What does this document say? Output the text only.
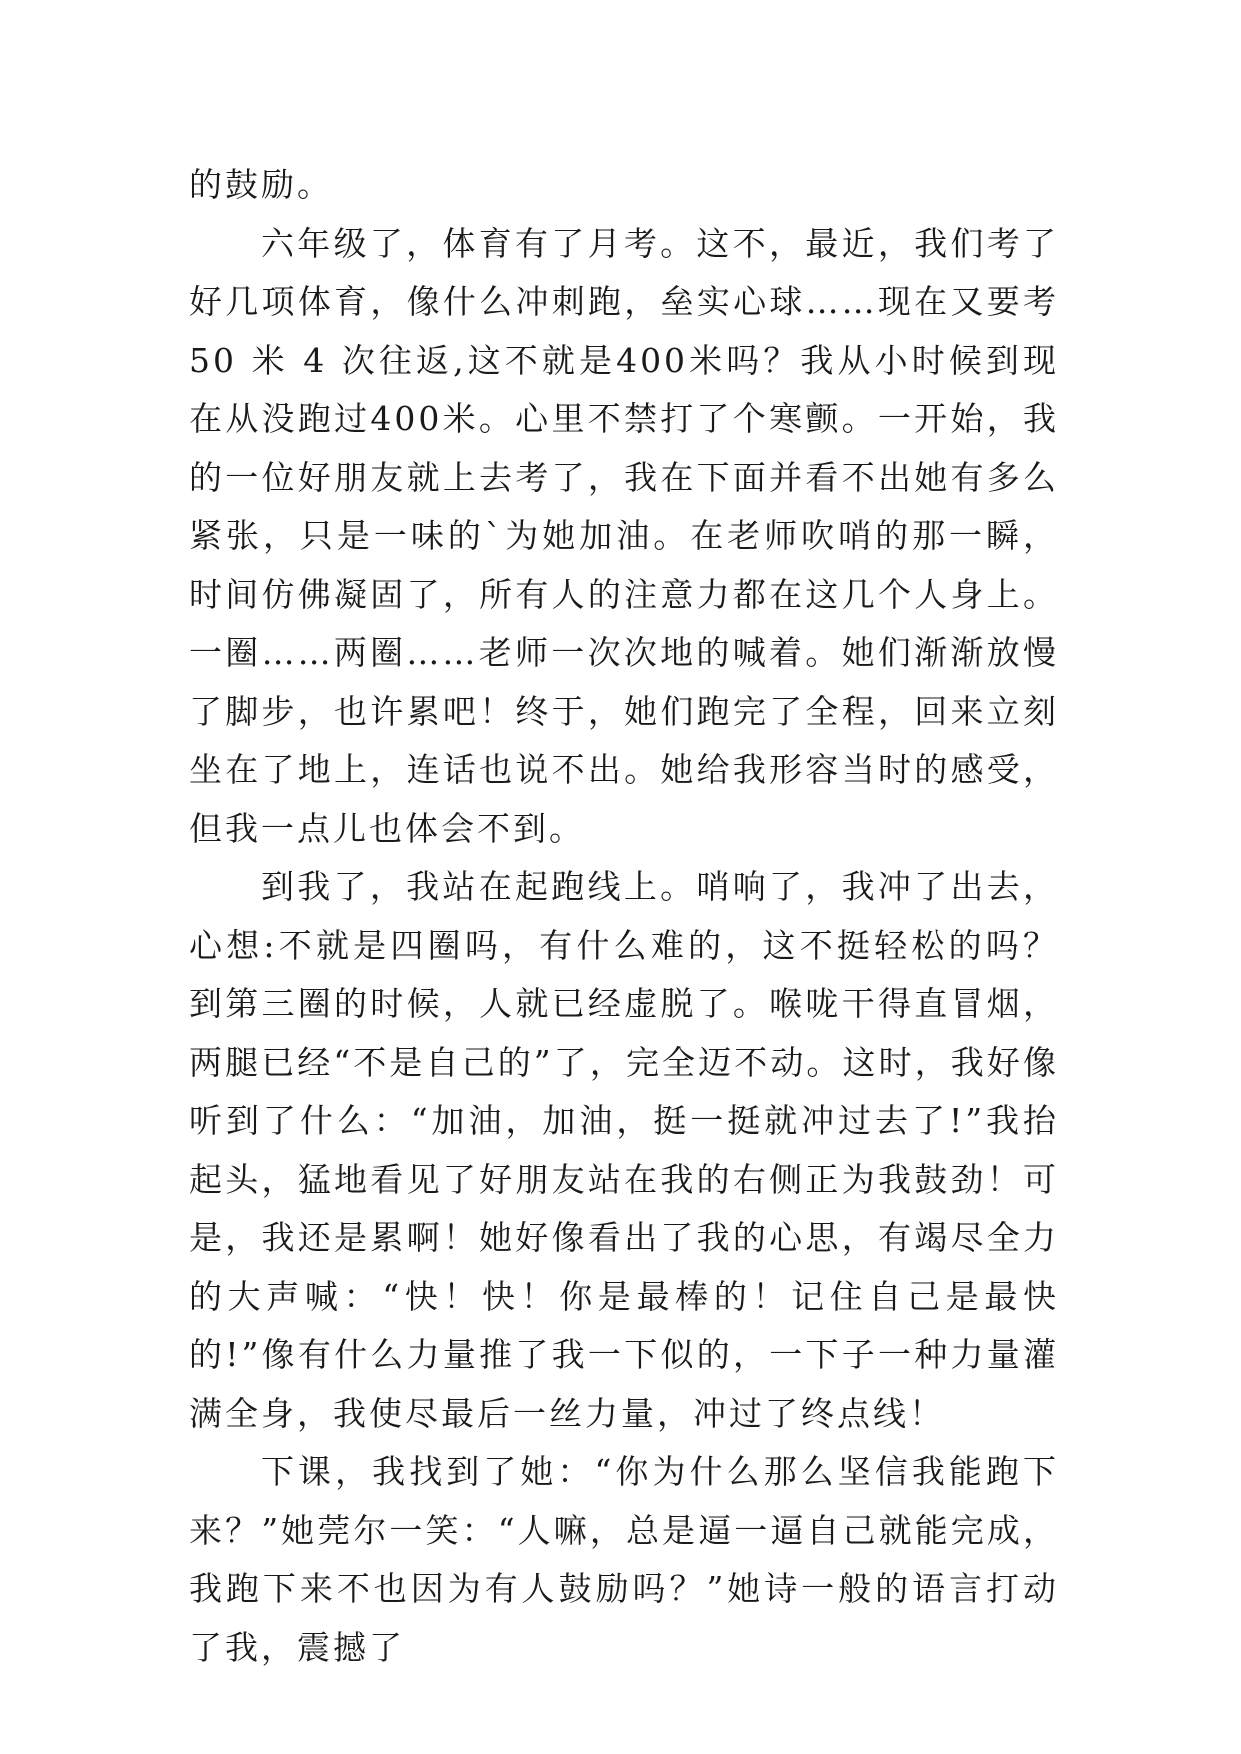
的鼓励。

六年级了，体育有了月考。这不，最近，我们考了好几项体育，像什么冲刺跑，垒实心球……现在又要考 50 米 4 次往返,这不就是400米吗？我从小时候到现在从没跑过400米。心里不禁打了个寒颤。一开始，我的一位好朋友就上去考了，我在下面并看不出她有多么紧张，只是一味的`为她加油。在老师吹哨的那一瞬，时间仿佛凝固了，所有人的注意力都在这几个人身上。一圈……两圈……老师一次次地的喊着。她们渐渐放慢了脚步，也许累吧！终于，她们跑完了全程，回来立刻坐在了地上，连话也说不出。她给我形容当时的感受，但我一点儿也体会不到。

到我了，我站在起跑线上。哨响了，我冲了出去，心想:不就是四圈吗，有什么难的，这不挺轻松的吗？到第三圈的时候，人就已经虚脱了。喉咙干得直冒烟，两腿已经“不是自己的”了，完全迈不动。这时，我好像听到了什么：“加油，加油，挺一挺就冲过去了!”我抬起头，猛地看见了好朋友站在我的右侧正为我鼓劲！可是，我还是累啊！她好像看出了我的心思，有竭尽全力的大声喊：“快！快！你是最棒的！记住自己是最快的!”像有什么力量推了我一下似的，一下子一种力量灌满全身，我使尽最后一丝力量，冲过了终点线！

下课，我找到了她：“你为什么那么坚信我能跑下来？”她莞尔一笑：“人嘛，总是逼一逼自己就能完成，我跑下来不也因为有人鼓励吗？”她诗一般的语言打动了我，震撼了
